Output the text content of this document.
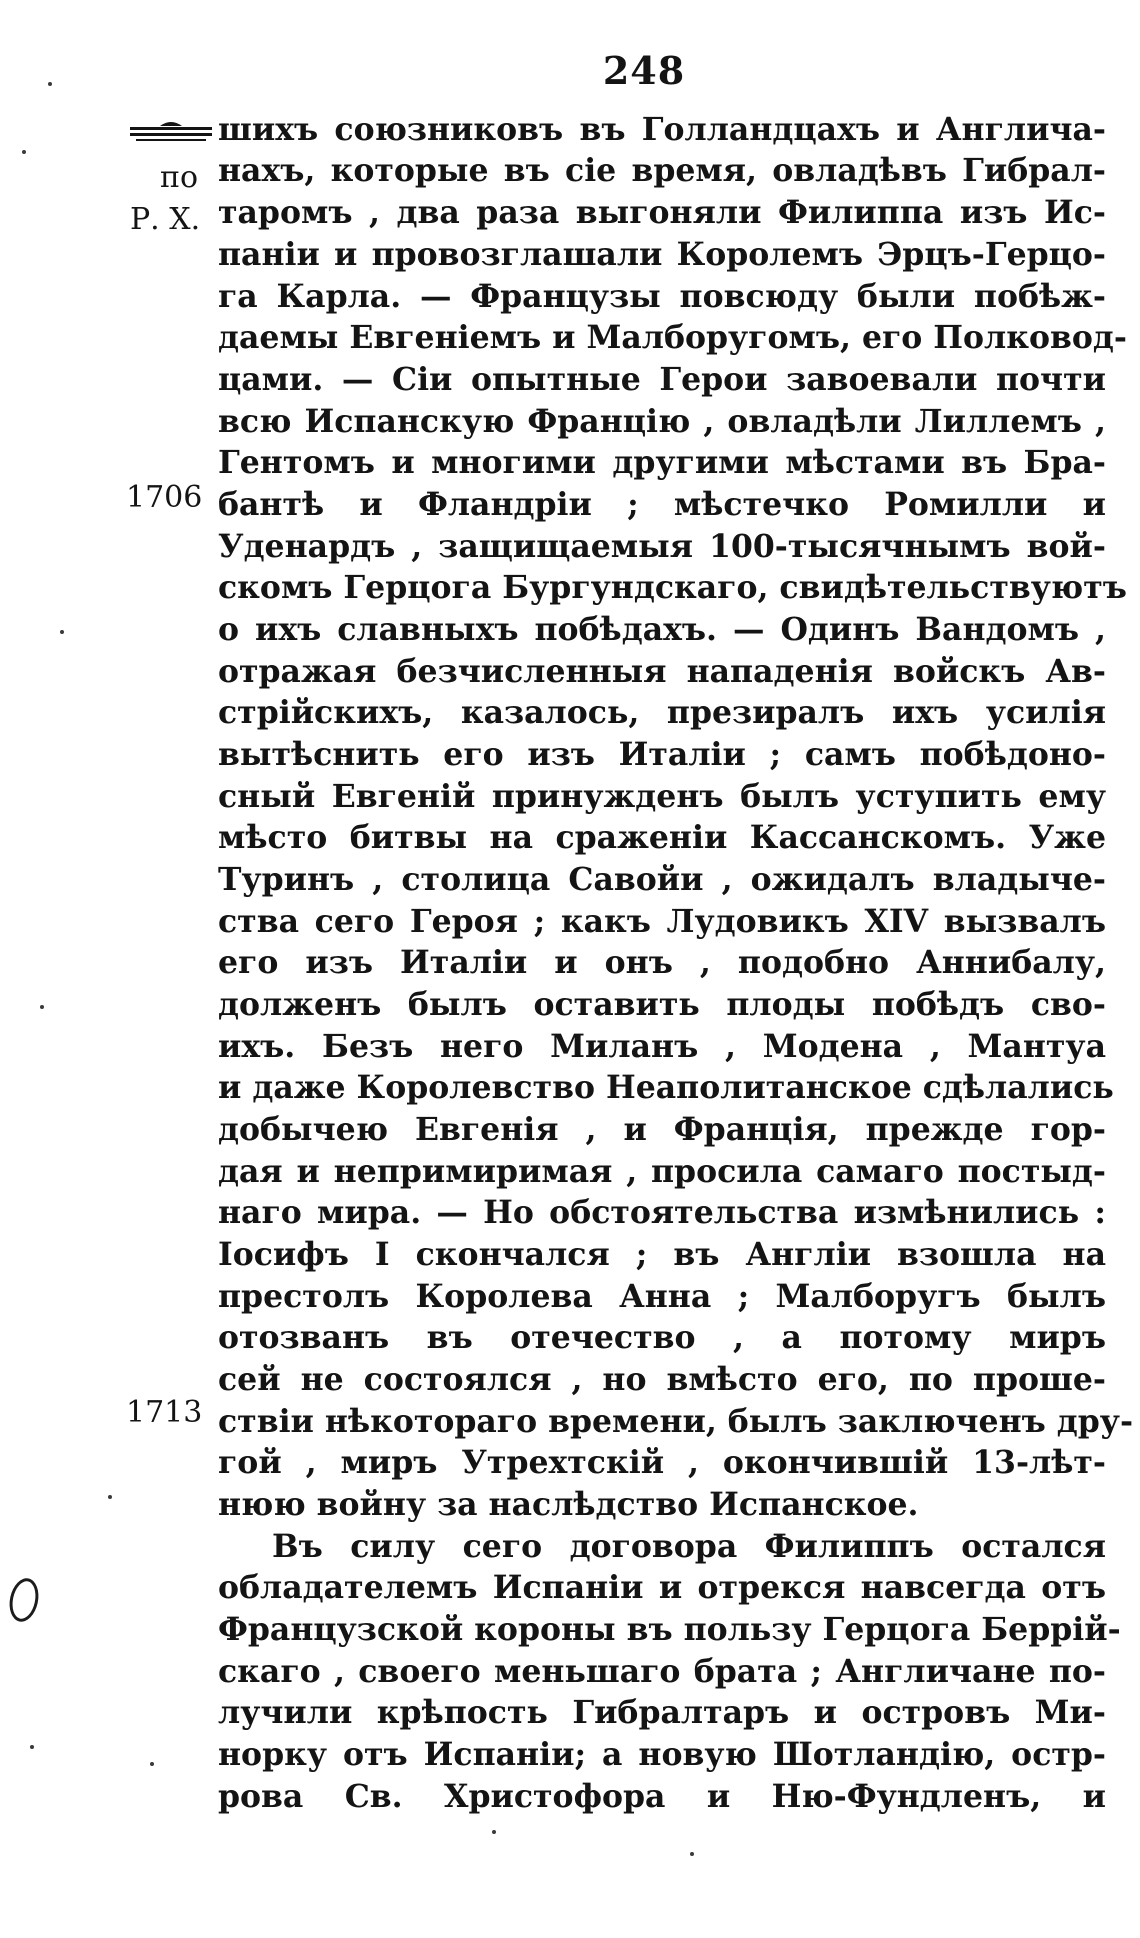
248
по
Р. Х.
1706
1713
шихъ союзниковъ въ Голландцахъ и Англича-
нахъ, которые въ сіе время, овладѣвъ Гибрал-
таромъ , два раза выгоняли Филиппа изъ Ис-
паніи и провозглашали Королемъ Эрцъ-Герцо-
га Карла. — Французы повсюду были побѣж-
даемы Евгеніемъ и Малборугомъ, его Полковод-
цами. — Сіи опытные Герои завоевали почти
всю Испанскую Францію , овладѣли Лиллемъ ,
Гентомъ и многими другими мѣстами въ Бра-
бантѣ и Фландріи ; мѣстечко Ромилли и
Уденардъ , защищаемыя 100-тысячнымъ вой-
скомъ Герцога Бургундскаго, свидѣтельствуютъ
о ихъ славныхъ побѣдахъ. — Одинъ Вандомъ ,
отражая безчисленныя нападенія войскъ Ав-
стрійскихъ, казалось, презиралъ ихъ усилія
вытѣснить его изъ Италіи ; самъ побѣдоно-
сный Евгеній принужденъ былъ уступить ему
мѣсто битвы на сраженіи Кассанскомъ. Уже
Туринъ , столица Савойи , ожидалъ владыче-
ства сего Героя ; какъ Лудовикъ XIV вызвалъ
его изъ Италіи и онъ , подобно Аннибалу,
долженъ былъ оставить плоды побѣдъ сво-
ихъ. Безъ него Миланъ , Модена , Мантуа
и даже Королевство Неаполитанское сдѣлались
добычею Евгенія , и Франція, прежде гор-
дая и непримиримая , просила самаго постыд-
наго мира. — Но обстоятельства измѣнились :
Іосифъ I скончался ; въ Англіи взошла на
престолъ Королева Анна ; Малборугъ былъ
отозванъ въ отечество , а потому миръ
сей не состоялся , но вмѣсто его, по проше-
ствіи нѣкотораго времени, былъ заключенъ дру-
гой , миръ Утрехтскій , окончившій 13-лѣт-
нюю войну за наслѣдство Испанское.
Въ силу сего договора Филиппъ остался
обладателемъ Испаніи и отрекся навсегда отъ
Французской короны въ пользу Герцога Беррій-
скаго , своего меньшаго брата ; Англичане по-
лучили крѣпость Гибралтаръ и островъ Ми-
норку отъ Испаніи; а новую Шотландію, остр-
рова Св. Христофора и Ню-Фундленъ, и
